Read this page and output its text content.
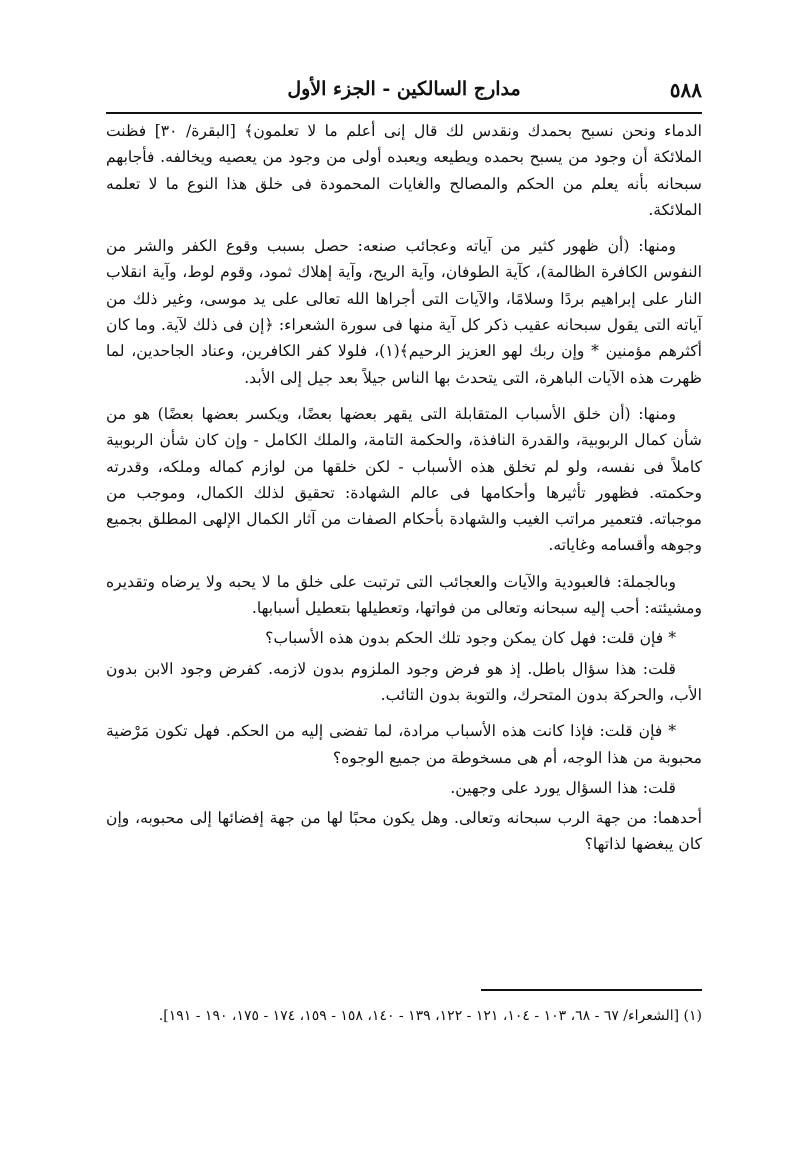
٥٨٨
مدارج السالكين - الجزء الأول

الدماء ونحن نسبح بحمدك ونقدس لك قال إنى أعلم ما لا تعلمون﴾ [البقرة/ ٣٠] فظنت الملائكة أن وجود من يسبح بحمده ويطيعه ويعبده أولى من وجود من يعصيه ويخالفه. فأجابهم سبحانه بأنه يعلم من الحكم والمصالح والغايات المحمودة فى خلق هذا النوع ما لا تعلمه الملائكة.

ومنها: (أن ظهور كثير من آياته وعجائب صنعه: حصل بسبب وقوع الكفر والشر من النفوس الكافرة الظالمة)، كآية الطوفان، وآية الريح، وآية إهلاك ثمود، وقوم لوط، وآية انقلاب النار على إبراهيم بردًا وسلامًا، والآيات التى أجراها الله تعالى على يد موسى، وغير ذلك من آياته التى يقول سبحانه عقيب ذكر كل آية منها فى سورة الشعراء: ﴿إن فى ذلك لآية. وما كان أكثرهم مؤمنين * وإن ربك لهو العزيز الرحيم﴾(١)، فلولا كفر الكافرين، وعناد الجاحدين، لما ظهرت هذه الآيات الباهرة، التى يتحدث بها الناس جيلاً بعد جيل إلى الأبد.

ومنها: (أن خلق الأسباب المتقابلة التى يقهر بعضها بعضًا، ويكسر بعضها بعضًا) هو من شأن كمال الربوبية، والقدرة النافذة، والحكمة التامة، والملك الكامل - وإن كان شأن الربوبية كاملاً فى نفسه، ولو لم تخلق هذه الأسباب - لكن خلقها من لوازم كماله وملكه، وقدرته وحكمته. فظهور تأثيرها وأحكامها فى عالم الشهادة: تحقيق لذلك الكمال، وموجب من موجباته. فتعمير مراتب الغيب والشهادة بأحكام الصفات من آثار الكمال الإلهى المطلق بجميع وجوهه وأقسامه وغاياته.

وبالجملة: فالعبودية والآيات والعجائب التى ترتبت على خلق ما لا يحبه ولا يرضاه وتقديره ومشيئته: أحب إليه سبحانه وتعالى من فواتها، وتعطيلها بتعطيل أسبابها.

* فإن قلت: فهل كان يمكن وجود تلك الحكم بدون هذه الأسباب؟

قلت: هذا سؤال باطل. إذ هو فرض وجود الملزوم بدون لازمه. كفرض وجود الابن بدون الأب، والحركة بدون المتحرك، والتوبة بدون التائب.

* فإن قلت: فإذا كانت هذه الأسباب مرادة، لما تفضى إليه من الحكم. فهل تكون مَرْضية محبوبة من هذا الوجه، أم هى مسخوطة من جميع الوجوه؟

قلت: هذا السؤال يورد على وجهين.

أحدهما: من جهة الرب سبحانه وتعالى. وهل يكون محبًا لها من جهة إفضائها إلى محبوبه، وإن كان يبغضها لذاتها؟

(١) [الشعراء/ ٦٧ - ٦٨، ١٠٣ - ١٠٤، ١٢١ - ١٢٢، ١٣٩ - ١٤٠، ١٥٨ - ١٥٩، ١٧٤ - ١٧٥، ١٩٠ - ١٩١].
